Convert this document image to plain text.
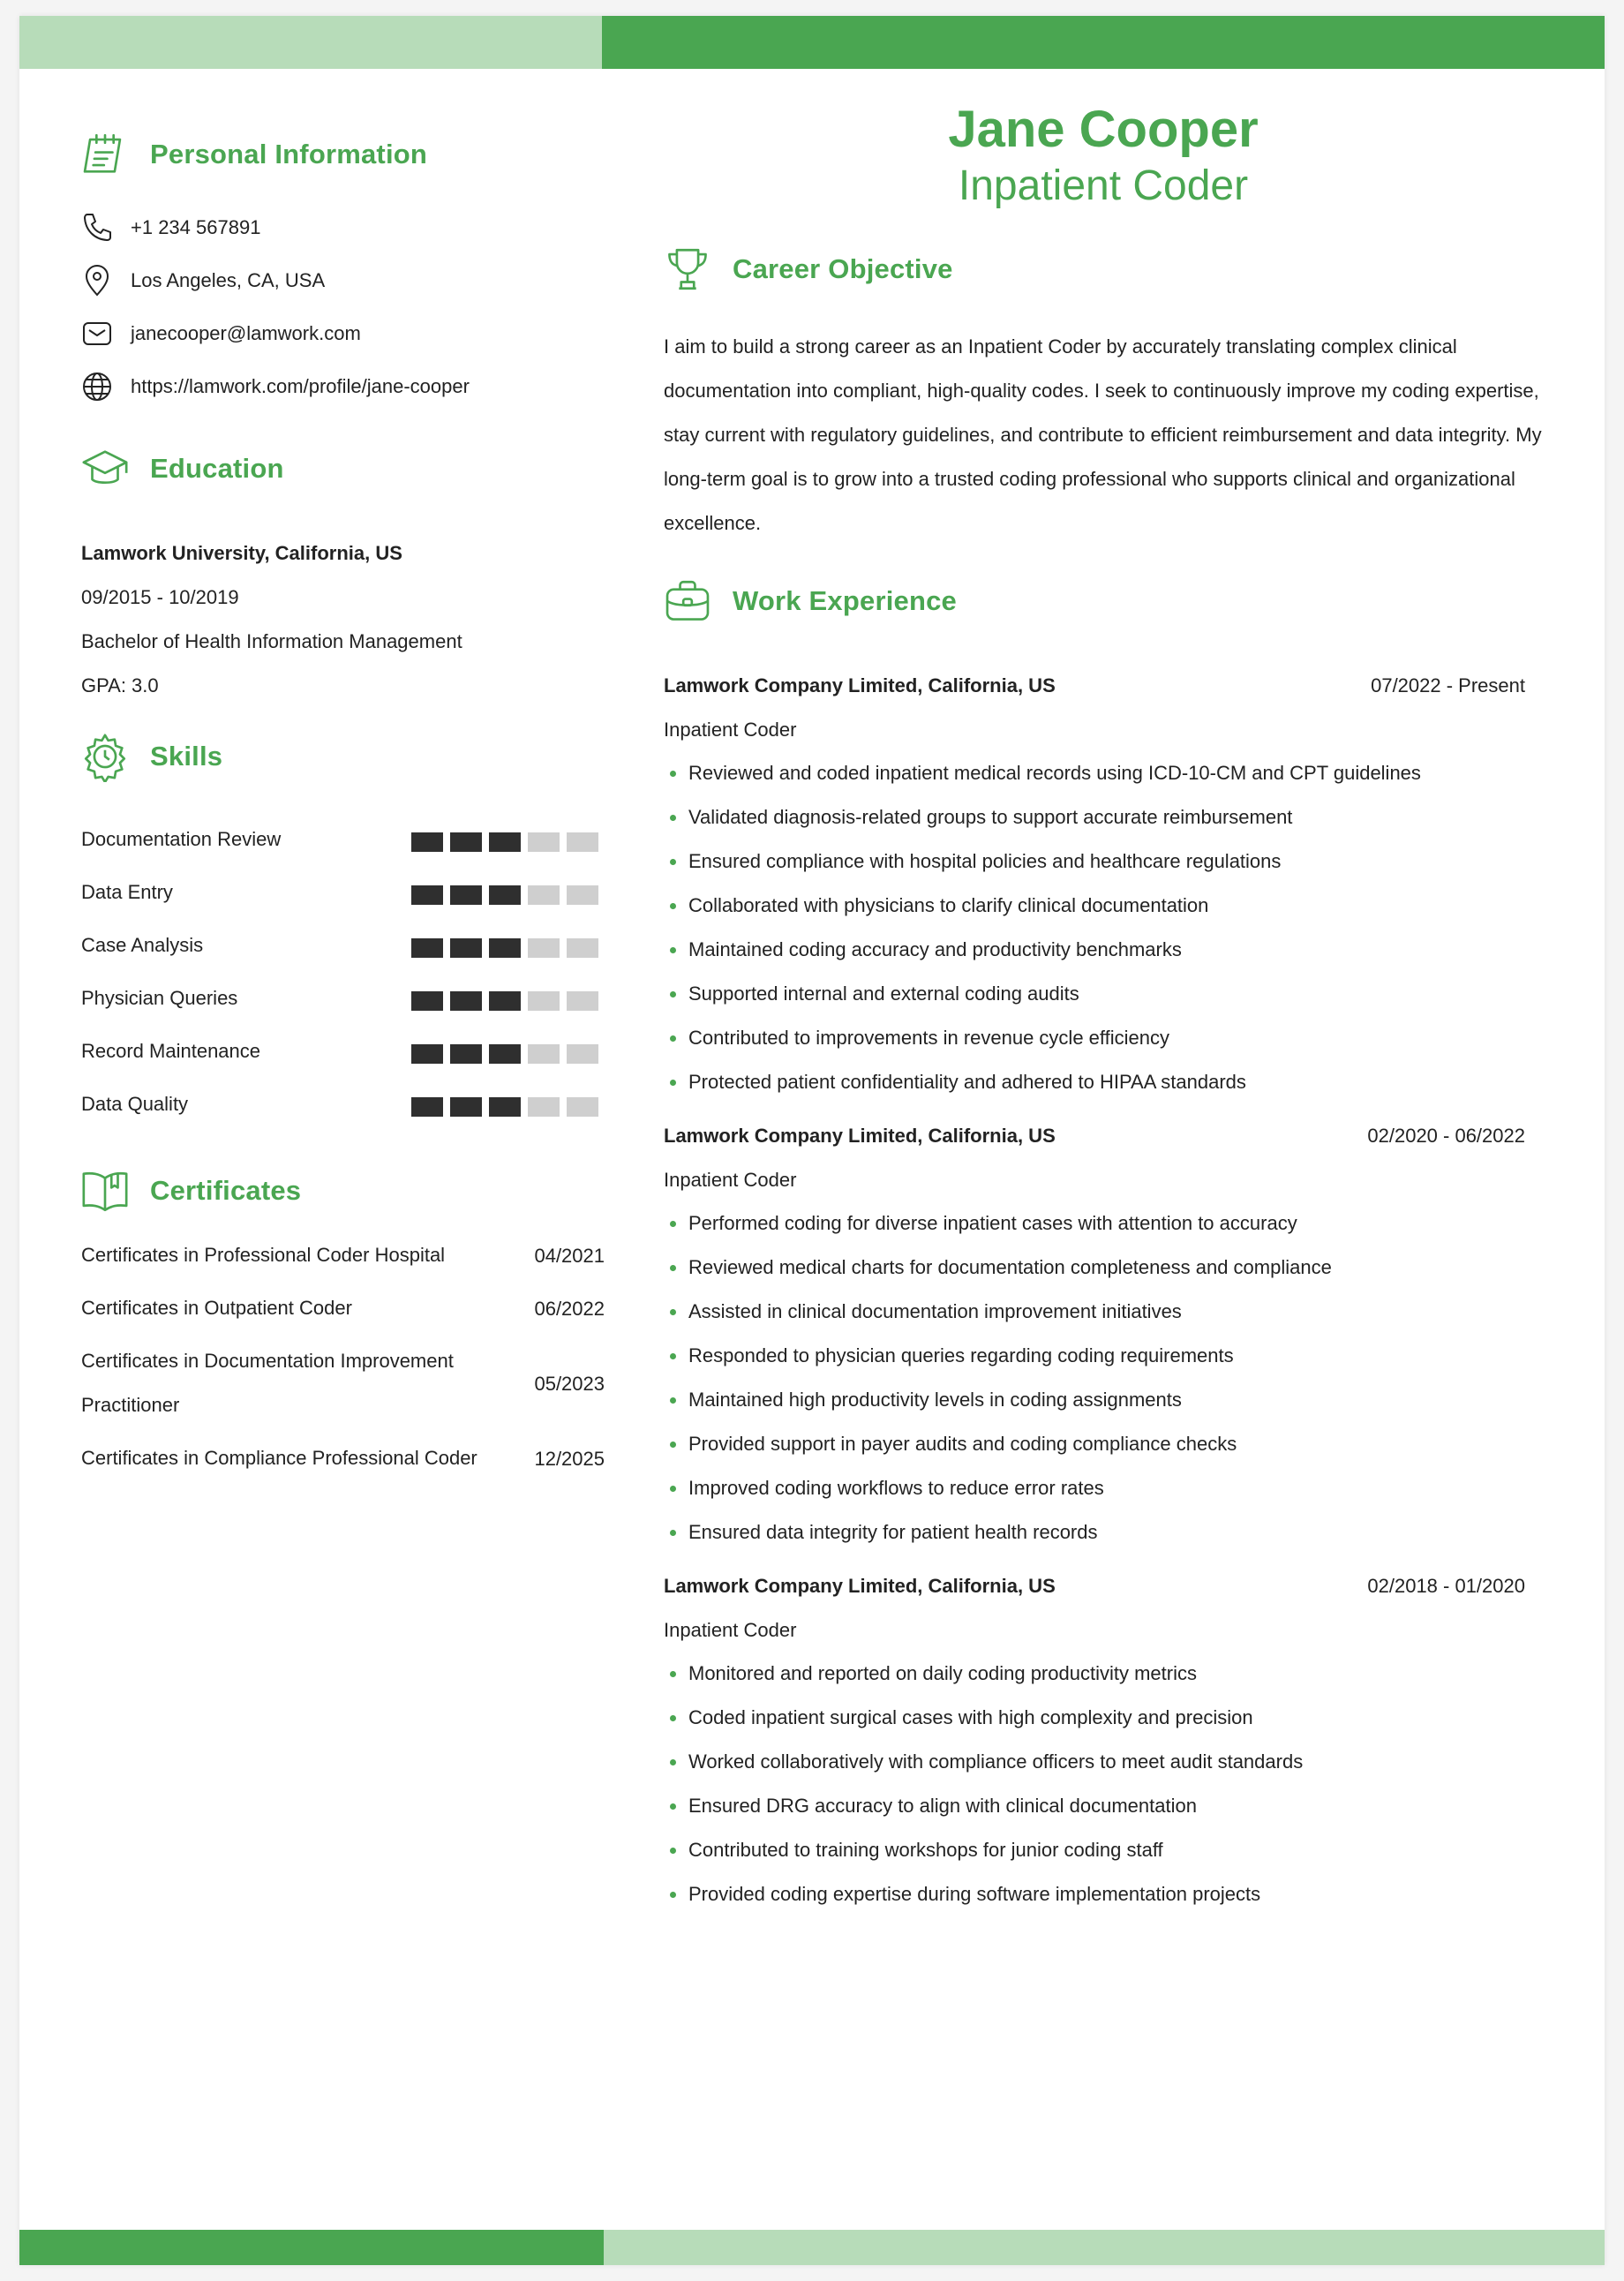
Personal Information
+1 234 567891
Los Angeles, CA, USA
janecooper@lamwork.com
https://lamwork.com/profile/jane-cooper
Education
Lamwork University, California, US
09/2015 - 10/2019
Bachelor of Health Information Management
GPA: 3.0
Skills
Documentation Review
Data Entry
Case Analysis
Physician Queries
Record Maintenance
Data Quality
Certificates
Certificates in Professional Coder Hospital	04/2021
Certificates in Outpatient Coder	06/2022
Certificates in Documentation Improvement Practitioner
05/2023
Certificates in Compliance Professional Coder	12/2025
Jane Cooper
Inpatient Coder
Career Objective
I aim to build a strong career as an Inpatient Coder by accurately translating complex clinical documentation into compliant, high-quality codes. I seek to continuously improve my coding expertise, stay current with regulatory guidelines, and contribute to efficient reimbursement and data integrity. My long-term goal is to grow into a trusted coding professional who supports clinical and organizational excellence.
Work Experience
Lamwork Company Limited, California, US	07/2022 - Present
Inpatient Coder
Reviewed and coded inpatient medical records using ICD-10-CM and CPT guidelines
Validated diagnosis-related groups to support accurate reimbursement
Ensured compliance with hospital policies and healthcare regulations
Collaborated with physicians to clarify clinical documentation
Maintained coding accuracy and productivity benchmarks
Supported internal and external coding audits
Contributed to improvements in revenue cycle efficiency
Protected patient confidentiality and adhered to HIPAA standards
Lamwork Company Limited, California, US	02/2020 - 06/2022
Inpatient Coder
Performed coding for diverse inpatient cases with attention to accuracy
Reviewed medical charts for documentation completeness and compliance
Assisted in clinical documentation improvement initiatives
Responded to physician queries regarding coding requirements
Maintained high productivity levels in coding assignments
Provided support in payer audits and coding compliance checks
Improved coding workflows to reduce error rates
Ensured data integrity for patient health records
Lamwork Company Limited, California, US	02/2018 - 01/2020
Inpatient Coder
Monitored and reported on daily coding productivity metrics
Coded inpatient surgical cases with high complexity and precision
Worked collaboratively with compliance officers to meet audit standards
Ensured DRG accuracy to align with clinical documentation
Contributed to training workshops for junior coding staff
Provided coding expertise during software implementation projects
